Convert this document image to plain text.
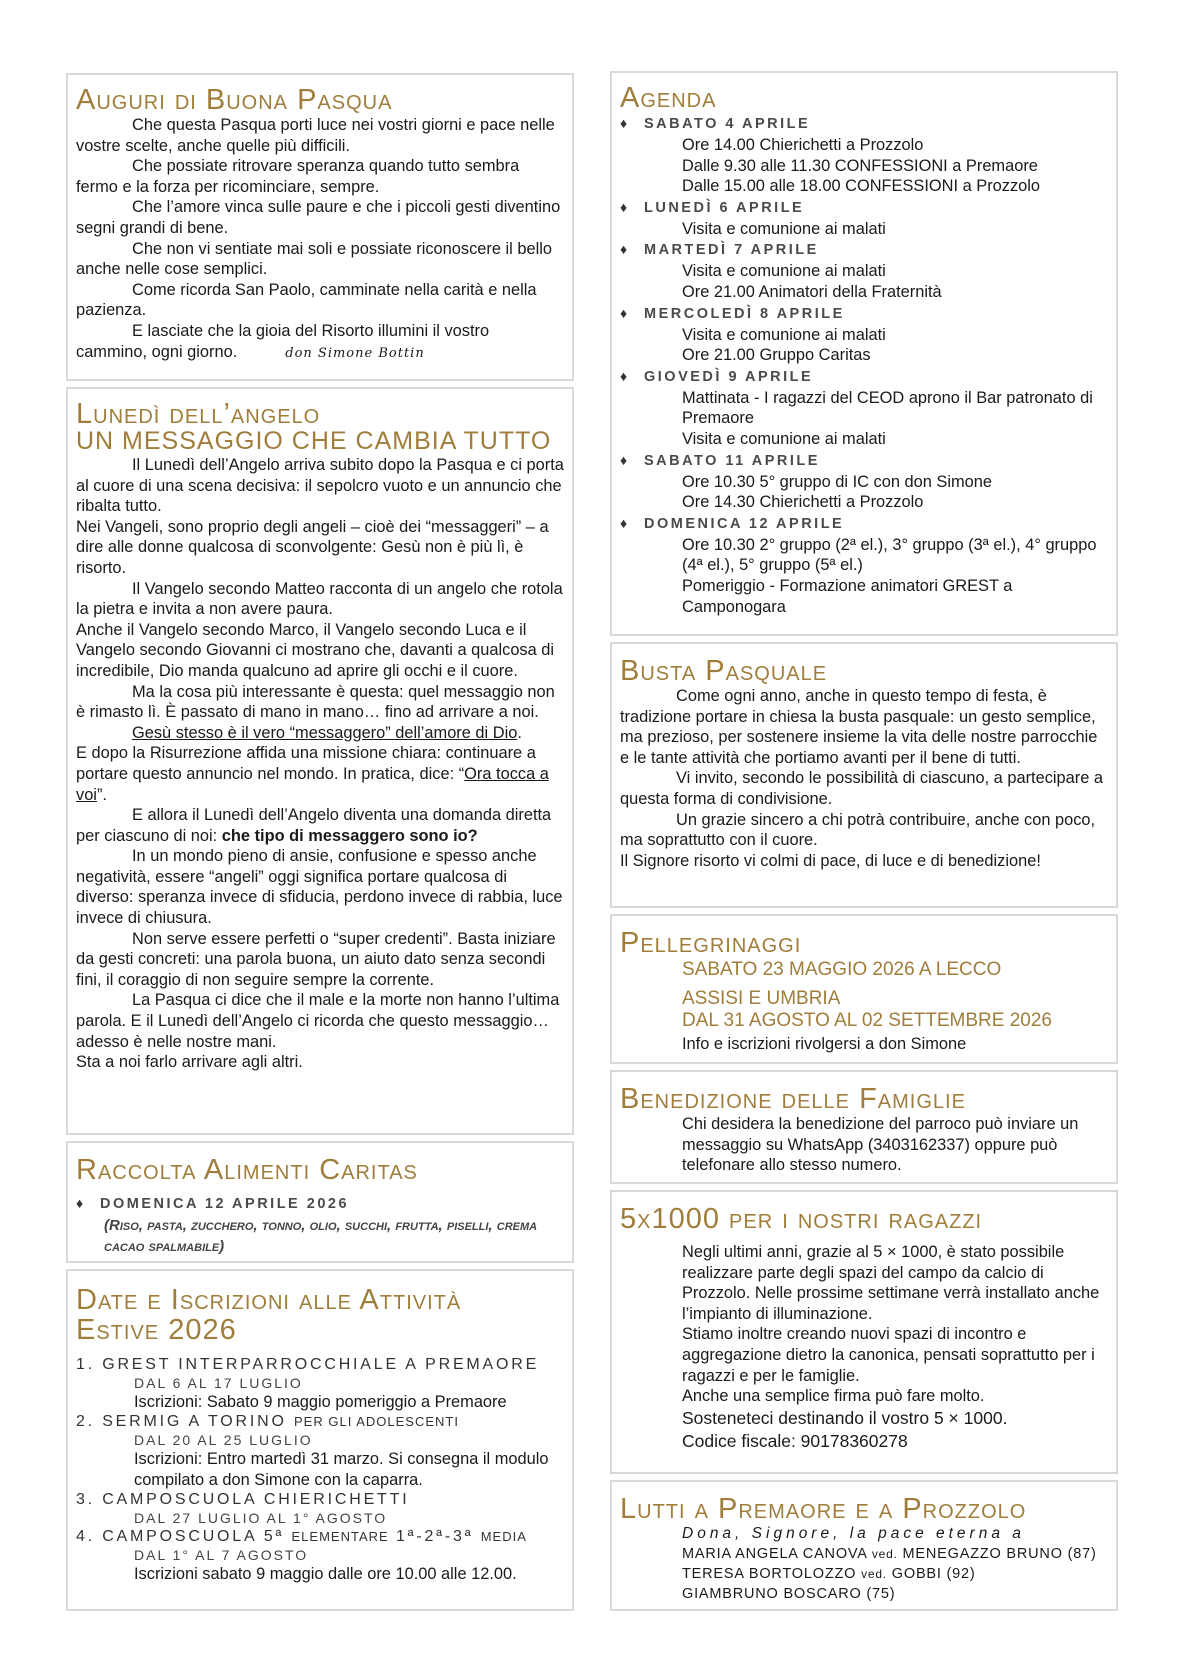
Auguri di Buona Pasqua

Che questa Pasqua porti luce nei vostri giorni e pace nelle vostre scelte, anche quelle più difficili.

Che possiate ritrovare speranza quando tutto sembra fermo e la forza per ricominciare, sempre.

Che l’amore vinca sulle paure e che i piccoli gesti diventino segni grandi di bene.

Che non vi sentiate mai soli e possiate riconoscere il bello anche nelle cose semplici.

Come ricorda San Paolo, camminate nella carità e nella pazienza.

E lasciate che la gioia del Risorto illumini il vostro cammino, ogni giorno.	don Simone Bottin

Lunedì dell’angelo
UN MESSAGGIO CHE CAMBIA TUTTO

Il Lunedì dell’Angelo arriva subito dopo la Pasqua e ci porta al cuore di una scena decisiva: il sepolcro vuoto e un annuncio che ribalta tutto.

Nei Vangeli, sono proprio degli angeli – cioè dei “messaggeri” – a dire alle donne qualcosa di sconvolgente: Gesù non è più lì, è risorto.

Il Vangelo secondo Matteo racconta di un angelo che rotola la pietra e invita a non avere paura.

Anche il Vangelo secondo Marco, il Vangelo secondo Luca e il Vangelo secondo Giovanni ci mostrano che, davanti a qualcosa di incredibile, Dio manda qualcuno ad aprire gli occhi e il cuore.

Ma la cosa più interessante è questa: quel messaggio non è rimasto lì. È passato di mano in mano… fino ad arrivare a noi.

Gesù stesso è il vero “messaggero” dell’amore di Dio.

E dopo la Risurrezione affida una missione chiara: continuare a portare questo annuncio nel mondo. In pratica, dice: “Ora tocca a voi”.

E allora il Lunedì dell’Angelo diventa una domanda diretta per ciascuno di noi: che tipo di messaggero sono io?

In un mondo pieno di ansie, confusione e spesso anche negatività, essere “angeli” oggi significa portare qualcosa di diverso: speranza invece di sfiducia, perdono invece di rabbia, luce invece di chiusura.

Non serve essere perfetti o “super credenti”. Basta iniziare da gesti concreti: una parola buona, un aiuto dato senza secondi fini, il coraggio di non seguire sempre la corrente.

La Pasqua ci dice che il male e la morte non hanno l’ultima parola. E il Lunedì dell’Angelo ci ricorda che questo messaggio… adesso è nelle nostre mani.

Sta a noi farlo arrivare agli altri.

Raccolta Alimenti Caritas
♦ DOMENICA 12 APRILE 2026
(Riso, pasta, zucchero, tonno, olio, succhi, frutta, piselli, crema cacao spalmabile)
Date e Iscrizioni alle Attività
Estive 2026
1. GREST INTERPARROCCHIALE A PREMAORE
DAL 6 AL 17 LUGLIO
Iscrizioni: Sabato 9 maggio pomeriggio a Premaore
2. SERMIG A TORINO PER GLI ADOLESCENTI
DAL 20 AL 25 LUGLIO
Iscrizioni: Entro martedì 31 marzo. Si consegna il modulo compilato a don Simone con la caparra.
3. CAMPOSCUOLA CHIERICHETTI
DAL 27 LUGLIO AL 1° AGOSTO
4. CAMPOSCUOLA 5ª ELEMENTARE 1ª-2ª-3ª MEDIA
DAL 1° AL 7 AGOSTO
Iscrizioni sabato 9 maggio dalle ore 10.00 alle 12.00.
Agenda
♦ SABATO 4 APRILE
Ore 14.00 Chierichetti a Prozzolo
Dalle 9.30 alle 11.30 CONFESSIONI a Premaore
Dalle 15.00 alle 18.00 CONFESSIONI a Prozzolo
♦ LUNEDÌ 6 APRILE
Visita e comunione ai malati
♦ MARTEDÌ 7 APRILE
Visita e comunione ai malati
Ore 21.00 Animatori della Fraternità
♦ MERCOLEDÌ 8 APRILE
Visita e comunione ai malati
Ore 21.00 Gruppo Caritas
♦ GIOVEDÌ 9 APRILE
Mattinata - I ragazzi del CEOD aprono il Bar patronato di Premaore
Visita e comunione ai malati
♦ SABATO 11 APRILE
Ore 10.30 5° gruppo di IC con don Simone
Ore 14.30 Chierichetti a Prozzolo
♦ DOMENICA 12 APRILE
Ore 10.30 2° gruppo (2ª el.), 3° gruppo (3ª el.), 4° gruppo (4ª el.), 5° gruppo (5ª el.)
Pomeriggio - Formazione animatori GREST a Camponogara
Busta Pasquale

Come ogni anno, anche in questo tempo di festa, è tradizione portare in chiesa la busta pasquale: un gesto semplice, ma prezioso, per sostenere insieme la vita delle nostre parrocchie e le tante attività che portiamo avanti per il bene di tutti.

Vi invito, secondo le possibilità di ciascuno, a partecipare a questa forma di condivisione.

Un grazie sincero a chi potrà contribuire, anche con poco, ma soprattutto con il cuore.

Il Signore risorto vi colmi di pace, di luce e di benedizione!

Pellegrinaggi
SABATO 23 MAGGIO 2026 A LECCO
ASSISI E UMBRIA
DAL 31 AGOSTO AL 02 SETTEMBRE 2026
Info e iscrizioni rivolgersi a don Simone
Benedizione delle Famiglie
Chi desidera la benedizione del parroco può inviare un messaggio su WhatsApp (3403162337) oppure può telefonare allo stesso numero.
5x1000 per i nostri ragazzi
Negli ultimi anni, grazie al 5 × 1000, è stato possibile realizzare parte degli spazi del campo da calcio di Prozzolo. Nelle prossime settimane verrà installato anche l’impianto di illuminazione.
Stiamo inoltre creando nuovi spazi di incontro e aggregazione dietro la canonica, pensati soprattutto per i ragazzi e per le famiglie.
Anche una semplice firma può fare molto.
Sosteneteci destinando il vostro 5 × 1000.
Codice fiscale: 90178360278
Lutti a Premaore e a Prozzolo
Dona, Signore, la pace eterna a
MARIA ANGELA CANOVA ved. MENEGAZZO BRUNO (87)
TERESA BORTOLOZZO ved. GOBBI (92)
GIAMBRUNO BOSCARO (75)
